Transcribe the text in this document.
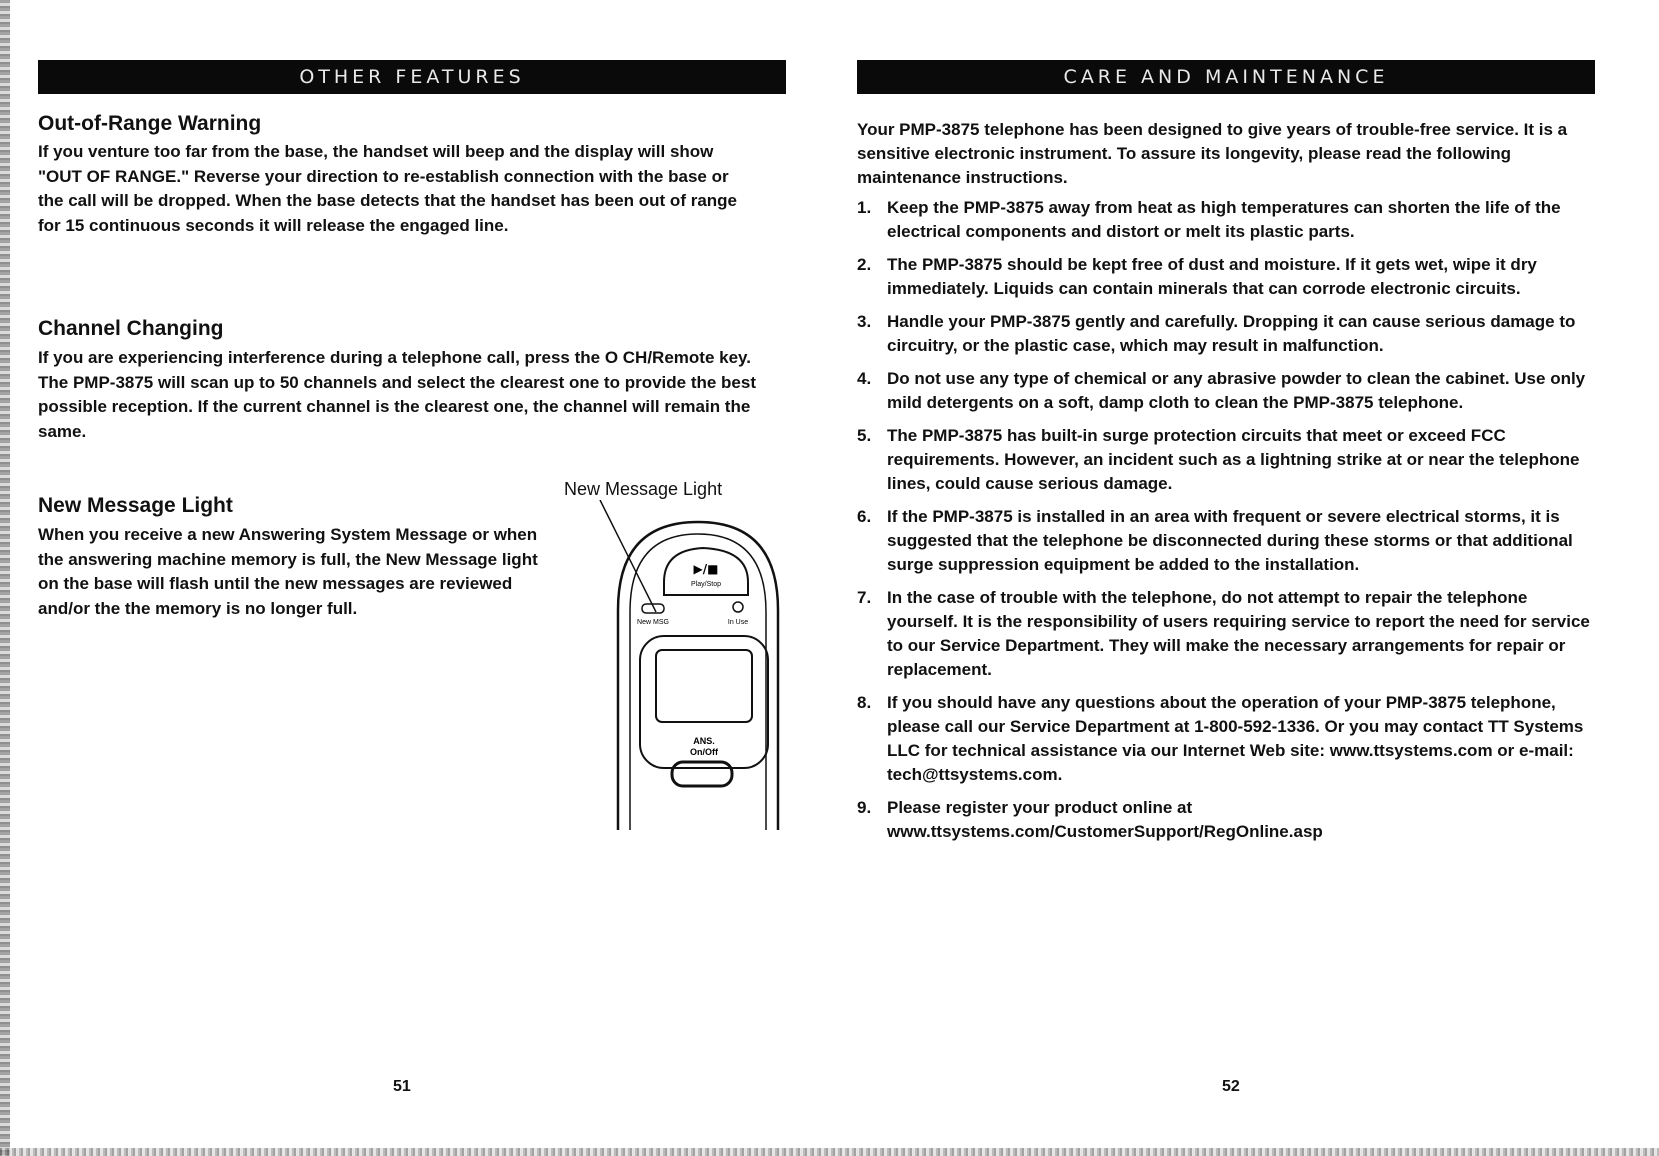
OTHER FEATURES
Out-of-Range Warning

If you venture too far from the base, the handset will beep and the display will show "OUT OF RANGE." Reverse your direction to re-establish connection with the base or the call will be dropped. When the base detects that the handset has been out of range for 15 continuous seconds it will release the engaged line.

Channel Changing

If you are experiencing interference during a telephone call, press the O CH/Remote key. The PMP-3875 will scan up to 50 channels and select the clearest one to provide the best possible reception. If the current channel is the clearest one, the channel will remain the same.

New Message Light

When you receive a new Answering System Message or when the answering machine memory is full, the New Message light on the base will flash until the new messages are reviewed and/or the the memory is no longer full.

New Message Light
▶/■
Play/Stop
New MSG	In Use
ANS.
On/Off
51
CARE AND MAINTENANCE

Your PMP-3875 telephone has been designed to give years of trouble-free service. It is a sensitive electronic instrument. To assure its longevity, please read the following maintenance instructions.

1. Keep the PMP-3875 away from heat as high temperatures can shorten the life of the electrical components and distort or melt its plastic parts.
2. The PMP-3875 should be kept free of dust and moisture. If it gets wet, wipe it dry immediately. Liquids can contain minerals that can corrode electronic circuits.
3. Handle your PMP-3875 gently and carefully. Dropping it can cause serious damage to circuitry, or the plastic case, which may result in malfunction.
4. Do not use any type of chemical or any abrasive powder to clean the cabinet. Use only mild detergents on a soft, damp cloth to clean the PMP-3875 telephone.
5. The PMP-3875 has built-in surge protection circuits that meet or exceed FCC requirements. However, an incident such as a lightning strike at or near the telephone lines, could cause serious damage.
6. If the PMP-3875 is installed in an area with frequent or severe electrical storms, it is suggested that the telephone be disconnected during these storms or that additional surge suppression equipment be added to the installation.
7. In the case of trouble with the telephone, do not attempt to repair the telephone yourself. It is the responsibility of users requiring service to report the need for service to our Service Department. They will make the necessary arrangements for repair or replacement.
8. If you should have any questions about the operation of your PMP-3875 telephone, please call our Service Department at 1-800-592-1336. Or you may contact TT Systems LLC for technical assistance via our Internet Web site: www.ttsystems.com or e-mail: tech@ttsystems.com.
9. Please register your product online at www.ttsystems.com/CustomerSupport/RegOnline.asp
52
